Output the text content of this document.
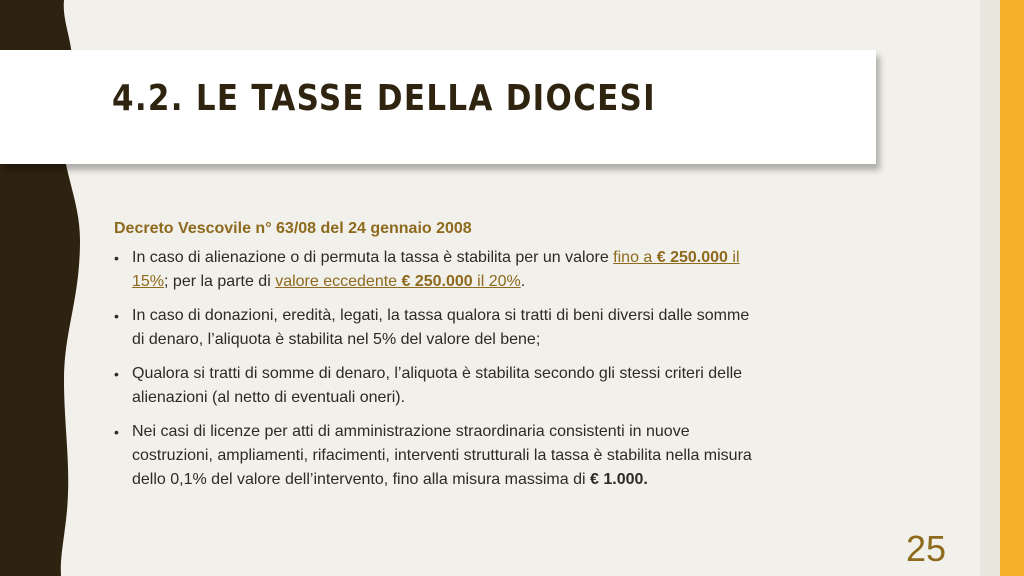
4.2. LE TASSE DELLA DIOCESI

Decreto Vescovile n° 63/08 del 24 gennaio 2008

• In caso di alienazione o di permuta la tassa è stabilita per un valore fino a € 250.000 il 15%; per la parte di valore eccedente € 250.000 il 20%.
• In caso di donazioni, eredità, legati, la tassa qualora si tratti di beni diversi dalle somme di denaro, l’aliquota è stabilita nel 5% del valore del bene;
• Qualora si tratti di somme di denaro, l’aliquota è stabilita secondo gli stessi criteri delle alienazioni (al netto di eventuali oneri).
• Nei casi di licenze per atti di amministrazione straordinaria consistenti in nuove costruzioni, ampliamenti, rifacimenti, interventi strutturali la tassa è stabilita nella misura dello 0,1% del valore dell’intervento, fino alla misura massima di € 1.000.
25
